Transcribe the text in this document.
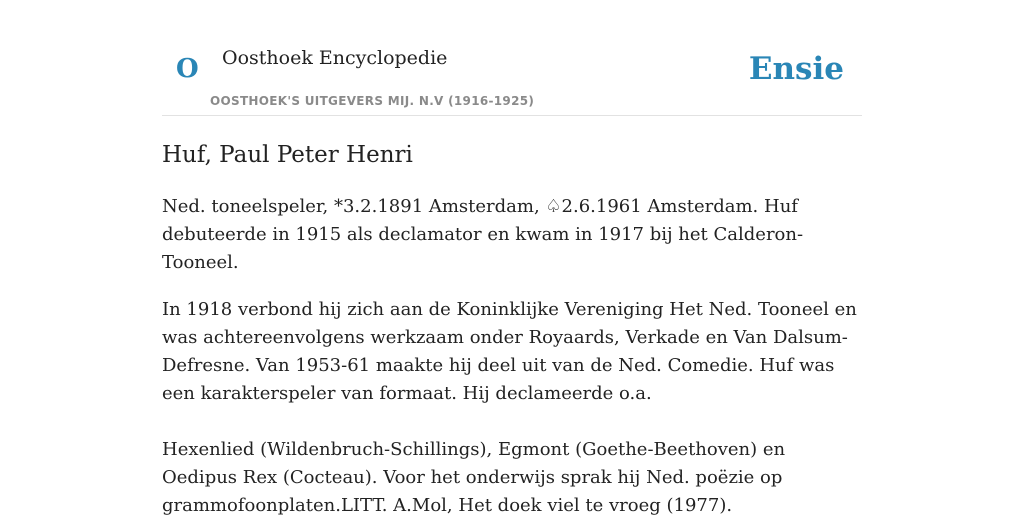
O Oosthoek Encyclopedie
OOSTHOEK'S UITGEVERS MIJ. N.V (1916-1925)
Ensie
Huf, Paul Peter Henri

Ned. toneelspeler, *3.2.1891 Amsterdam, ♤2.6.1961 Amsterdam. Huf debuteerde in 1915 als declamator en kwam in 1917 bij het Calderon-Tooneel.

In 1918 verbond hij zich aan de Koninklijke Vereniging Het Ned. Tooneel en was achtereenvolgens werkzaam onder Royaards, Verkade en Van Dalsum-Defresne. Van 1953-61 maakte hij deel uit van de Ned. Comedie. Huf was een karakterspeler van formaat. Hij declameerde o.a.

Hexenlied (Wildenbruch-Schillings), Egmont (Goethe-Beethoven) en Oedipus Rex (Cocteau). Voor het onderwijs sprak hij Ned. poëzie op grammofoonplaten.LITT. A.Mol, Het doek viel te vroeg (1977).
